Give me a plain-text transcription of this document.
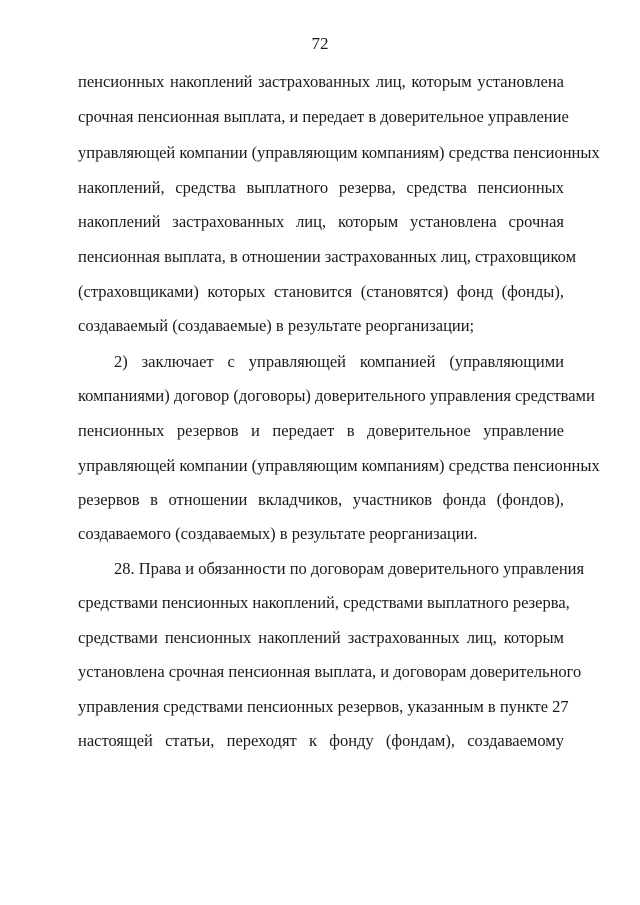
72
пенсионных накоплений застрахованных лиц, которым установлена
срочная пенсионная выплата, и передает в доверительное управление
управляющей компании (управляющим компаниям) средства пенсионных
накоплений, средства выплатного резерва, средства пенсионных
накоплений застрахованных лиц, которым установлена срочная
пенсионная выплата, в отношении застрахованных лиц, страховщиком
(страховщиками) которых становится (становятся) фонд (фонды),
создаваемый (создаваемые) в результате реорганизации;
2) заключает с управляющей компанией (управляющими
компаниями) договор (договоры) доверительного управления средствами
пенсионных резервов и передает в доверительное управление
управляющей компании (управляющим компаниям) средства пенсионных
резервов в отношении вкладчиков, участников фонда (фондов),
создаваемого (создаваемых) в результате реорганизации.
28. Права и обязанности по договорам доверительного управления
средствами пенсионных накоплений, средствами выплатного резерва,
средствами пенсионных накоплений застрахованных лиц, которым
установлена срочная пенсионная выплата, и договорам доверительного
управления средствами пенсионных резервов, указанным в пункте 27
настоящей статьи, переходят к фонду (фондам), создаваемому
